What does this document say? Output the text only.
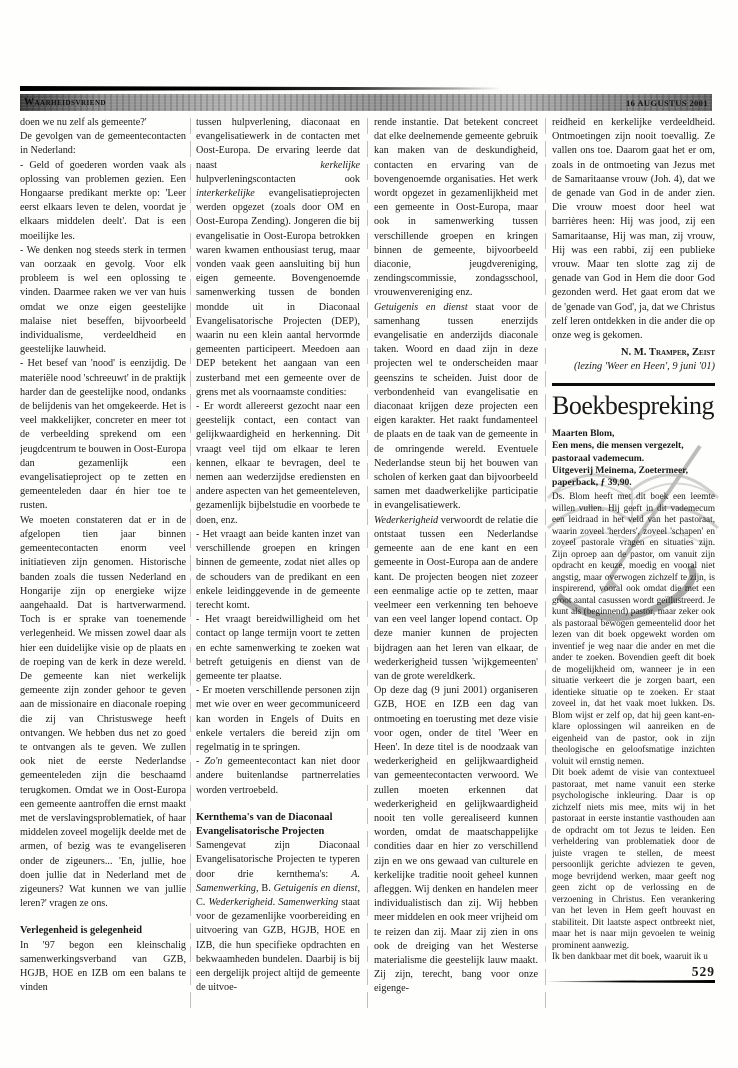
Waarheidsvriend	16 AUGUSTUS 2001

doen we nu zelf als gemeente?'

De gevolgen van de gemeentecontacten in Nederland:

- Geld of goederen worden vaak als oplossing van problemen gezien. Een Hongaarse predikant merkte op: 'Leer eerst elkaars leven te delen, voordat je elkaars middelen deelt'. Dat is een moeilijke les.

- We denken nog steeds sterk in termen van oorzaak en gevolg. Voor elk probleem is wel een oplossing te vinden. Daarmee raken we ver van huis omdat we onze eigen geestelijke malaise niet beseffen, bijvoorbeeld individualisme, verdeeldheid en geestelijke lauwheid.

- Het besef van 'nood' is eenzijdig. De materiële nood 'schreeuwt' in de praktijk harder dan de geestelijke nood, ondanks de belijdenis van het omgekeerde. Het is veel makkelijker, concreter en meer tot de verbeelding sprekend om een jeugdcentrum te bouwen in Oost-Europa dan gezamenlijk een evangelisatieproject op te zetten en gemeenteleden daar én hier toe te rusten.

We moeten constateren dat er in de afgelopen tien jaar binnen gemeentecontacten enorm veel initiatieven zijn genomen. Historische banden zoals die tussen Nederland en Hongarije zijn op energieke wijze aangehaald. Dat is hartverwarmend. Toch is er sprake van toenemende verlegenheid. We missen zowel daar als hier een duidelijke visie op de plaats en de roeping van de kerk in deze wereld. De gemeente kan niet werkelijk gemeente zijn zonder gehoor te geven aan de missionaire en diaconale roeping die zij van Christuswege heeft ontvangen. We hebben dus net zo goed te ontvangen als te geven. We zullen ook niet de eerste Nederlandse gemeenteleden zijn die beschaamd terugkomen. Omdat we in Oost-Europa een gemeente aantroffen die ernst maakt met de verslavingsproblematiek, of haar middelen zoveel mogelijk deelde met de armen, of bezig was te evangeliseren onder de zigeuners... 'En, jullie, hoe doen jullie dat in Nederland met de zigeuners? Wat kunnen we van jullie leren?' vragen ze ons.

Verlegenheid is gelegenheid

In '97 begon een kleinschalig samenwerkingsverband van GZB, HGJB, HOE en IZB om een balans te vinden

tussen hulpverlening, diaconaat en evangelisatiewerk in de contacten met Oost-Europa. De ervaring leerde dat naast kerkelijke hulpverleningscontacten ook interkerkelijke evangelisatieprojecten werden opgezet (zoals door OM en Oost-Europa Zending). Jongeren die bij evangelisatie in Oost-Europa betrokken waren kwamen enthousiast terug, maar vonden vaak geen aansluiting bij hun eigen gemeente. Bovengenoemde samenwerking tussen de bonden mondde uit in Diaconaal Evangelisatorische Projecten (DEP), waarin nu een klein aantal hervormde gemeenten participeert. Meedoen aan DEP betekent het aangaan van een zusterband met een gemeente over de grens met als voornaamste condities:

- Er wordt allereerst gezocht naar een geestelijk contact, een contact van gelijkwaardigheid en herkenning. Dit vraagt veel tijd om elkaar te leren kennen, elkaar te bevragen, deel te nemen aan wederzijdse erediensten en andere aspecten van het gemeenteleven, gezamenlijk bijbelstudie en voorbede te doen, enz.

- Het vraagt aan beide kanten inzet van verschillende groepen en kringen binnen de gemeente, zodat niet alles op de schouders van de predikant en een enkele leidinggevende in de gemeente terecht komt.

- Het vraagt bereidwilligheid om het contact op lange termijn voort te zetten en echte samenwerking te zoeken wat betreft getuigenis en dienst van de gemeente ter plaatse.

- Er moeten verschillende personen zijn met wie over en weer gecommuniceerd kan worden in Engels of Duits en enkele vertalers die bereid zijn om regelmatig in te springen.

- Zo'n gemeentecontact kan niet door andere buitenlandse partnerrelaties worden vertroebeld.

Kernthema's van de Diaconaal Evangelisatorische Projecten

Samengevat zijn Diaconaal Evangelisatorische Projecten te typeren door drie kernthema's: A. Samenwerking, B. Getuigenis en dienst, C. Wederkerigheid. Samenwerking staat voor de gezamenlijke voorbereiding en uitvoering van GZB, HGJB, HOE en IZB, die hun specifieke opdrachten en bekwaamheden bundelen. Daarbij is bij een dergelijk project altijd de gemeente de uitvoe-

rende instantie. Dat betekent concreet dat elke deelnemende gemeente gebruik kan maken van de deskundigheid, contacten en ervaring van de bovengenoemde organisaties. Het werk wordt opgezet in gezamenlijkheid met een gemeente in Oost-Europa, maar ook in samenwerking tussen verschillende groepen en kringen binnen de gemeente, bijvoorbeeld diaconie, jeugdvereniging, zendingscommissie, zondagsschool, vrouwenvereniging enz.

Getuigenis en dienst staat voor de samenhang tussen enerzijds evangelisatie en anderzijds diaconale taken. Woord en daad zijn in deze projecten wel te onderscheiden maar geenszins te scheiden. Juist door de verbondenheid van evangelisatie en diaconaat krijgen deze projecten een eigen karakter. Het raakt fundamenteel de plaats en de taak van de gemeente in de omringende wereld. Eventuele Nederlandse steun bij het bouwen van scholen of kerken gaat dan bijvoorbeeld samen met daadwerkelijke participatie in evangelisatiewerk.

Wederkerigheid verwoordt de relatie die ontstaat tussen een Nederlandse gemeente aan de ene kant en een gemeente in Oost-Europa aan de andere kant. De projecten beogen niet zozeer een eenmalige actie op te zetten, maar veelmeer een verkenning ten behoeve van een veel langer lopend contact. Op deze manier kunnen de projecten bijdragen aan het leren van elkaar, de wederkerigheid tussen 'wijkgemeenten' van de grote wereldkerk.

Op deze dag (9 juni 2001) organiseren GZB, HOE en IZB een dag van ontmoeting en toerusting met deze visie voor ogen, onder de titel 'Weer en Heen'. In deze titel is de noodzaak van wederkerigheid en gelijkwaardigheid van gemeentecontacten verwoord. We zullen moeten erkennen dat wederkerigheid en gelijkwaardigheid nooit ten volle gerealiseerd kunnen worden, omdat de maatschappelijke condities daar en hier zo verschillend zijn en we ons gewaad van culturele en kerkelijke traditie nooit geheel kunnen afleggen. Wij denken en handelen meer individualistisch dan zij. Wij hebben meer middelen en ook meer vrijheid om te reizen dan zij. Maar zij zien in ons ook de dreiging van het Westerse materialisme die geestelijk lauw maakt. Zij zijn, terecht, bang voor onze eigenge-

reidheid en kerkelijke verdeeldheid. Ontmoetingen zijn nooit toevallig. Ze vallen ons toe. Daarom gaat het er om, zoals in de ontmoeting van Jezus met de Samaritaanse vrouw (Joh. 4), dat we de genade van God in de ander zien. Die vrouw moest door heel wat barrières heen: Hij was jood, zij een Samaritaanse, Hij was man, zij vrouw, Hij was een rabbi, zij een publieke vrouw. Maar ten slotte zag zij de genade van God in Hem die door God gezonden werd. Het gaat erom dat we de 'genade van God', ja, dat we Christus zelf leren ontdekken in die ander die op onze weg is gekomen.

N. M. Tramper, Zeist
(lezing 'Weer en Heen', 9 juni '01)
Boekbespreking

Maarten Blom,

Een mens, die mensen vergezelt, pastoraal vademecum.

Uitgeverij Meinema, Zoetermeer, paperback, ƒ 39,90.

Ds. Blom heeft met dit boek een leemte willen vullen. Hij geeft in dit vademecum een leidraad in het veld van het pastoraat, waarin zoveel 'herders', zoveel 'schapen' en zoveel pastorale vragen en situaties zijn. Zijn oproep aan de pastor, om vanuit zijn opdracht en keuze, moedig en vooral niet angstig, maar overwogen zichzelf te zijn, is inspirerend, vooral ook omdat die met een groot aantal casussen wordt geïllustreerd. Je kunt als (beginnend) pastor, maar zeker ook als pastoraal bewogen gemeentelid door het lezen van dit boek opgewekt worden om inventief je weg naar die ander en met die ander te zoeken. Bovendien geeft dit boek de mogelijkheid om, wanneer je in een situatie verkeert die je zorgen baart, een identieke situatie op te zoeken. Er staat zoveel in, dat het vaak moet lukken. Ds. Blom wijst er zelf op, dat hij geen kant-en-klare oplossingen wil aanreiken en de eigenheid van de pastor, ook in zijn theologische en geloofsmatige inzichten voluit wil ernstig nemen.

Dit boek ademt de visie van contextueel pastoraat, met name vanuit een sterke psychologische inkleuring. Daar is op zichzelf niets mis mee, mits wij in het pastoraat in eerste instantie vasthouden aan de opdracht om tot Jezus te leiden. Een verheldering van problematiek door de juiste vragen te stellen, de meest persoonlijk gerichte adviezen te geven, moge bevrijdend werken, maar geeft nog geen zicht op de verlossing en de verzoening in Christus. Een verankering van het leven in Hem geeft houvast en stabiliteit. Dit laatste aspect ontbreekt niet, maar het is naar mijn gevoelen te weinig prominent aanwezig.

Ik ben dankbaar met dit boek, waaruit ik u

529
